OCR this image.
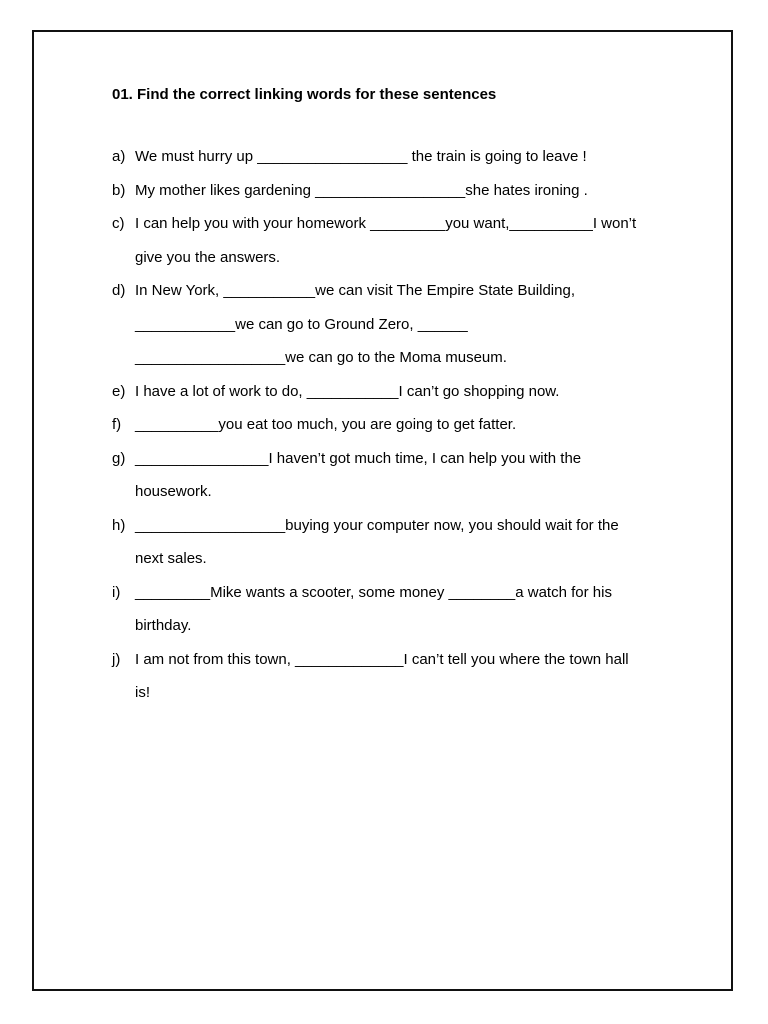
01. Find the correct linking words for these sentences
a) We must hurry up __________________ the train is going to leave !
b) My mother likes gardening __________________she hates ironing .
c) I can help you with your homework _________you want,__________I won’t
give you the answers.
d) In New York, ___________we can visit The Empire State Building,
____________we can go to Ground Zero, ______
__________________we can go to the Moma museum.
e) I have a lot of work to do, ___________I can’t go shopping now.
f) __________you eat too much, you are going to get fatter.
g) ________________I haven’t got much time, I can help you with the
housework.
h) __________________buying your computer now, you should wait for the
next sales.
i) _________Mike wants a scooter, some money ________a watch for his
birthday.
j) I am not from this town, _____________I can’t tell you where the town hall
is!
